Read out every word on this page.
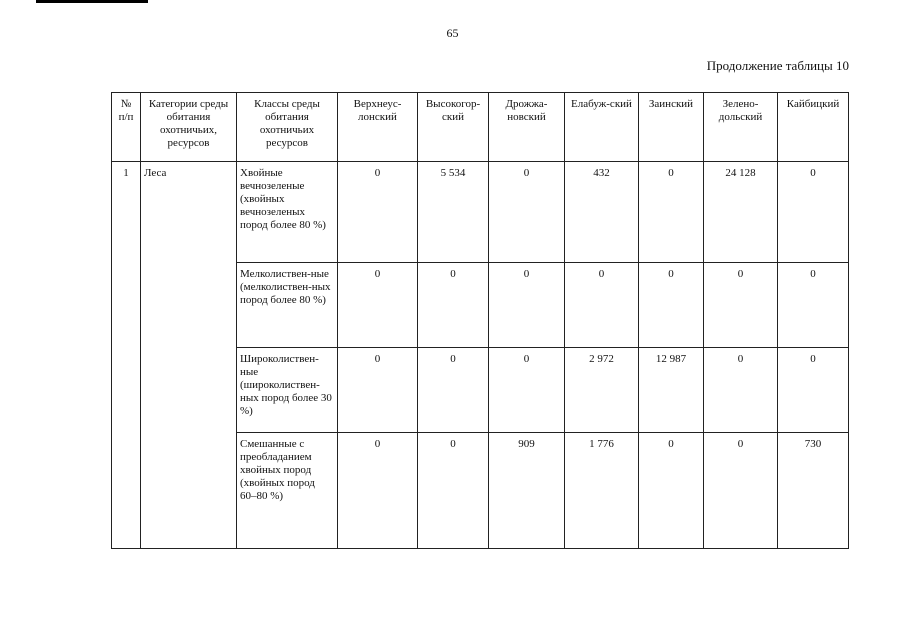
65
Продолжение таблицы 10
№ п/п	Категории среды обитания охотничьих, ресурсов	Классы среды обитания охотничьих ресурсов	Верхнеус-лонский	Высокогор-ский	Дрожжа-новский	Елабуж-ский	Заинский	Зелено-дольский	Кайбицкий
1	Леса	Хвойные вечнозеленые (хвойных вечнозеленых пород более 80 %)	0	5 534	0	432	0	24 128	0
		Мелколиствен-ные (мелколиствен-ных пород более 80 %)	0	0	0	0	0	0	0
		Широколиствен-ные (широколиствен-ных пород более 30 %)	0	0	0	2 972	12 987	0	0
		Смешанные с преобладанием хвойных пород (хвойных пород 60–80 %)	0	0	909	1 776	0	0	730
